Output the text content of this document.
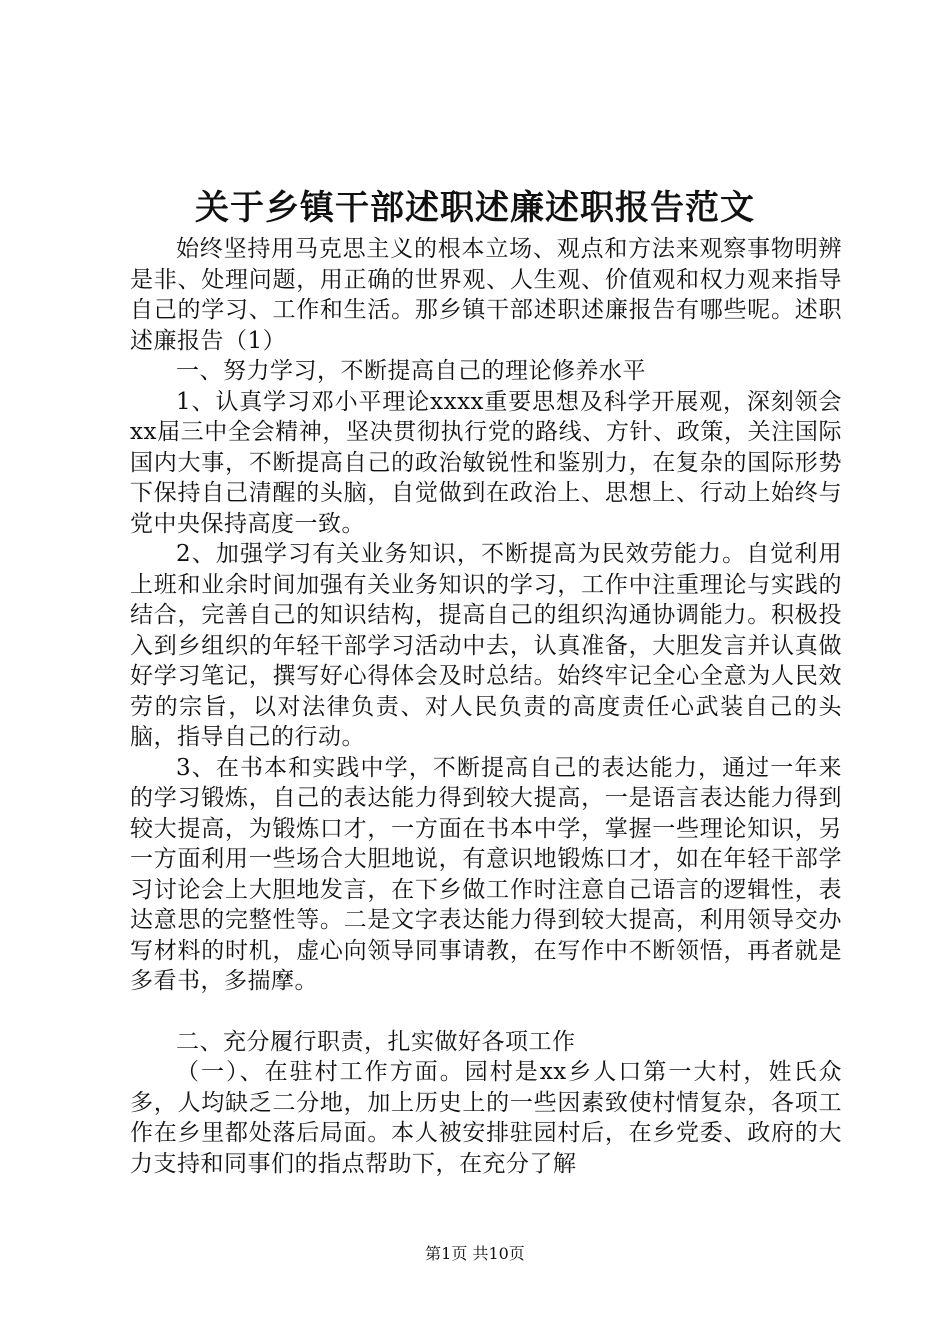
关于乡镇干部述职述廉述职报告范文

始终坚持用马克思主义的根本立场、观点和方法来观察事物明辨是非、处理问题，用正确的世界观、人生观、价值观和权力观来指导自己的学习、工作和生活。那乡镇干部述职述廉报告有哪些呢。述职述廉报告（1）

一、努力学习，不断提高自己的理论修养水平

1、认真学习邓小平理论xxxx重要思想及科学开展观，深刻领会xx届三中全会精神，坚决贯彻执行党的路线、方针、政策，关注国际国内大事，不断提高自己的政治敏锐性和鉴别力，在复杂的国际形势下保持自己清醒的头脑，自觉做到在政治上、思想上、行动上始终与党中央保持高度一致。

2、加强学习有关业务知识，不断提高为民效劳能力。自觉利用上班和业余时间加强有关业务知识的学习，工作中注重理论与实践的结合，完善自己的知识结构，提高自己的组织沟通协调能力。积极投入到乡组织的年轻干部学习活动中去，认真准备，大胆发言并认真做好学习笔记，撰写好心得体会及时总结。始终牢记全心全意为人民效劳的宗旨，以对法律负责、对人民负责的高度责任心武装自己的头脑，指导自己的行动。

3、在书本和实践中学，不断提高自己的表达能力，通过一年来的学习锻炼，自己的表达能力得到较大提高，一是语言表达能力得到较大提高，为锻炼口才，一方面在书本中学，掌握一些理论知识，另一方面利用一些场合大胆地说，有意识地锻炼口才，如在年轻干部学习讨论会上大胆地发言，在下乡做工作时注意自己语言的逻辑性，表达意思的完整性等。二是文字表达能力得到较大提高，利用领导交办写材料的时机，虚心向领导同事请教，在写作中不断领悟，再者就是多看书，多揣摩。

二、充分履行职责，扎实做好各项工作

（一）、在驻村工作方面。园村是xx乡人口第一大村，姓氏众多，人均缺乏二分地，加上历史上的一些因素致使村情复杂，各项工作在乡里都处落后局面。本人被安排驻园村后，在乡党委、政府的大力支持和同事们的指点帮助下，在充分了解

第1页 共10页
